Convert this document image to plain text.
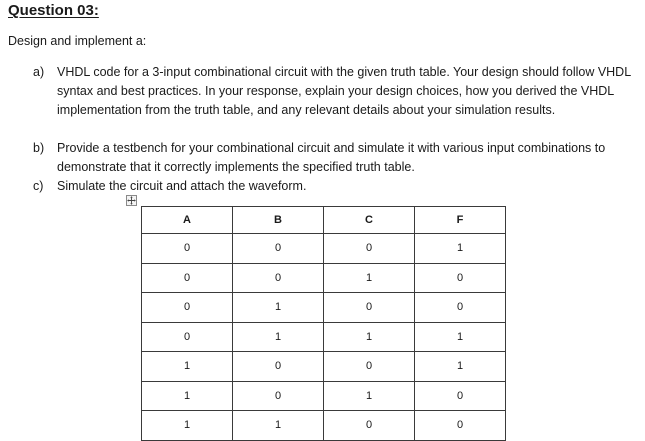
Question 03:
Design and implement a:
a) VHDL code for a 3-input combinational circuit with the given truth table. Your design should follow VHDL syntax and best practices. In your response, explain your design choices, how you derived the VHDL implementation from the truth table, and any relevant details about your simulation results.
b) Provide a testbench for your combinational circuit and simulate it with various input combinations to demonstrate that it correctly implements the specified truth table.
c) Simulate the circuit and attach the waveform.
A	B	C	F
0	0	0	1
0	0	1	0
0	1	0	0
0	1	1	1
1	0	0	1
1	0	1	0
1	1	0	0
